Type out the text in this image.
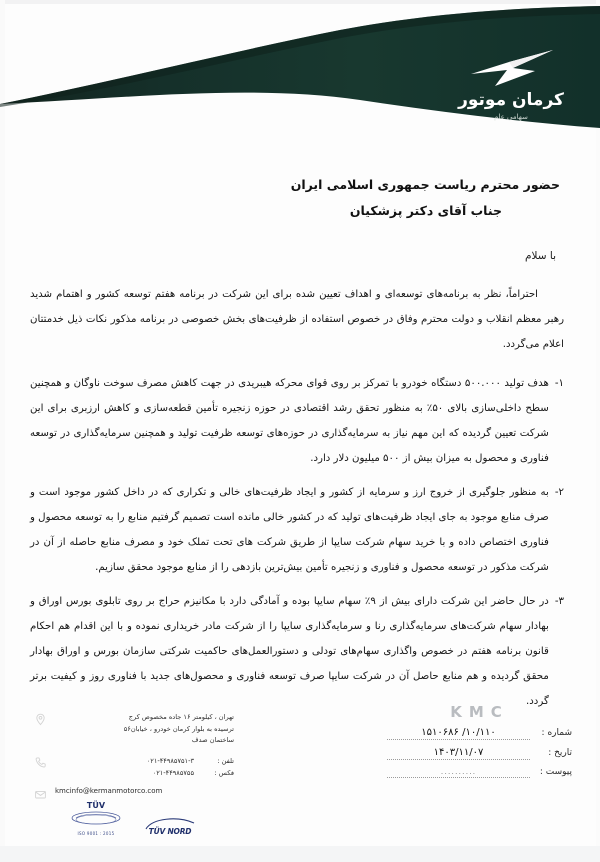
کرمان موتور
سهامی عام
حضور محترم ریاست جمهوری اسلامی ایران
جناب آقای دکتر پزشکیان
با سلام

احتراماً، نظر به برنامه‌های توسعه‌ای و اهداف تعیین شده برای این شرکت در برنامه هفتم توسعه کشور و اهتمام شدید رهبر معظم انقلاب و دولت محترم وفاق در خصوص استفاده از ظرفیت‌های بخش خصوصی در برنامه مذکور نکات ذیل خدمتتان اعلام می‌گردد.

۱-
هدف تولید ۵۰۰.۰۰۰ دستگاه خودرو با تمرکز بر روی قوای محرکه هیبریدی در جهت کاهش مصرف سوخت ناوگان و همچنین سطح داخلی‌سازی بالای ۵۰٪ به منظور تحقق رشد اقتصادی در حوزه زنجیره تأمین قطعه‌سازی و کاهش ارزبری برای این شرکت تعیین گردیده که این مهم نیاز به سرمایه‌گذاری در حوزه‌های توسعه ظرفیت تولید و همچنین سرمایه‌گذاری در توسعه فناوری و محصول به میزان بیش از ۵۰۰ میلیون دلار دارد.
۲-
به منظور جلوگیری از خروج ارز و سرمایه از کشور و ایجاد ظرفیت‌های خالی و تکراری که در داخل کشور موجود است و صرف منابع موجود به جای ایجاد ظرفیت‌های تولید که در کشور خالی مانده است تصمیم گرفتیم منابع را به توسعه محصول و فناوری اختصاص داده و با خرید سهام شرکت سایپا از طریق شرکت های تحت تملک خود و مصرف منابع حاصله از آن در شرکت مذکور در توسعه محصول و فناوری و زنجیره تأمین بیش‌ترین بازدهی را از منابع موجود محقق سازیم.
۳-
در حال حاضر این شرکت دارای بیش از ۹٪ سهام سایپا بوده و آمادگی دارد با مکانیزم حراج بر روی تابلوی بورس اوراق و بهادار سهام شرکت‌های سرمایه‌گذاری رنا و سرمایه‌گذاری سایپا را از شرکت مادر خریداری نموده و با این اقدام هم احکام قانون برنامه هفتم در خصوص واگذاری سهام‌های تودلی و دستورالعمل‌های حاکمیت شرکتی سازمان بورس و اوراق بهادار محقق گردیده و هم منابع حاصل آن در شرکت سایپا صرف توسعه فناوری و محصول‌های جدید با فناوری روز و کیفیت برتر گردد.
KMC
شماره :
۱۰/۱۱۰/ ۱۵۱۰۶۸۶
تاریخ :
۱۴۰۳/۱۱/۰۷
پیوست :
..........
تهران ، کیلومتر ۱۶ جاده مخصوص کرج
ترسیده به بلوار کرمان خودرو ، خیابان۵۶
ساختمان صدف
تلفن :
۰۲۱-۴۴۹۸۵۷۵۱-۳
فکس :
۰۲۱-۴۴۹۸۵۷۵۵
kmcinfo@kermanmotorco.com
TÜV NORD
TÜV
ISO 9001 : 2015
